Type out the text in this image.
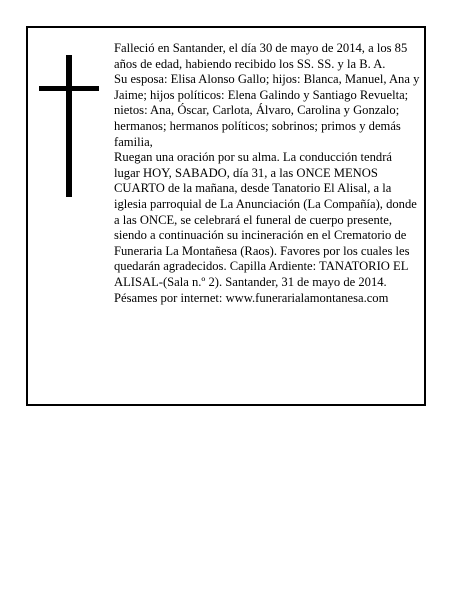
Falleció en Santander, el día 30 de mayo de 2014, a los 85 años de edad, habiendo recibido los SS. SS. y la B. A.

Su esposa: Elisa Alonso Gallo; hijos: Blanca, Manuel, Ana y Jaime; hijos políticos: Elena Galindo y Santiago Revuelta; nietos: Ana, Óscar, Carlota, Álvaro, Carolina y Gonzalo; hermanos; hermanos políticos; sobrinos; primos y demás familia,

Ruegan una oración por su alma. La conducción tendrá lugar HOY, SABADO, día 31, a las ONCE MENOS CUARTO de la mañana, desde Tanatorio El Alisal, a la iglesia parroquial de La Anunciación (La Compañía), donde a las ONCE, se celebrará el funeral de cuerpo presente, siendo a continuación su incineración en el Crematorio de Funeraria La Montañesa (Raos). Favores por los cuales les quedarán agradecidos. Capilla Ardiente: TANATORIO EL ALISAL-(Sala n.º 2). Santander, 31 de mayo de 2014. Pésames por internet: www.funerarialamontanesa.com
